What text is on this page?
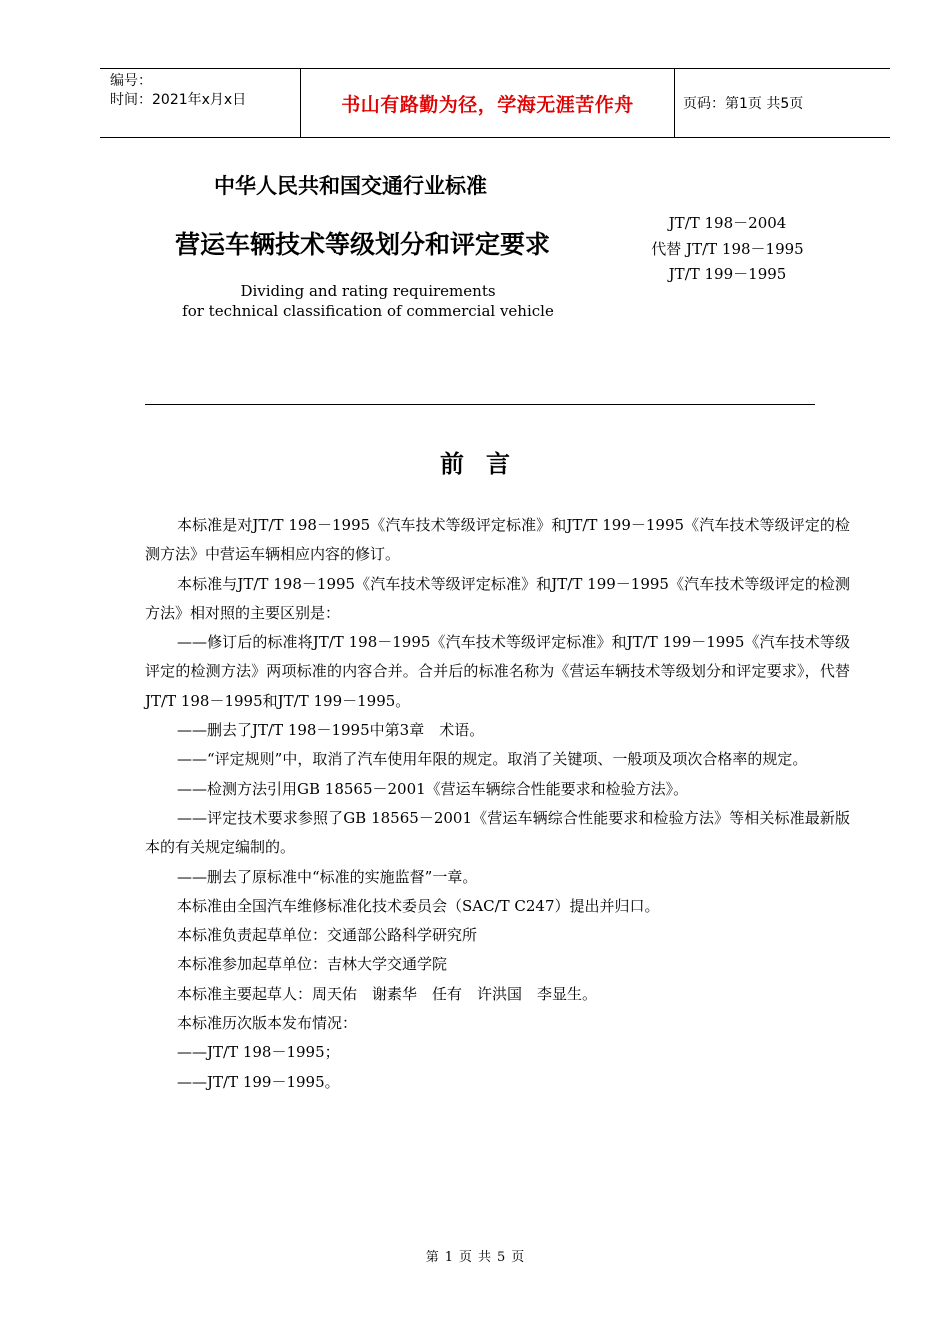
编号：
时间：2021年x月x日	书山有路勤为径，学海无涯苦作舟	页码：第1页 共5页
中华人民共和国交通行业标准
营运车辆技术等级划分和评定要求
JT/T 198－2004
代替 JT/T 198－1995
JT/T 199－1995
Dividing and rating requirements
for technical classification of commercial vehicle
前言

本标准是对JT/T 198－1995《汽车技术等级评定标准》和JT/T 199－1995《汽车技术等级评定的检测方法》中营运车辆相应内容的修订。

本标准与JT/T 198－1995《汽车技术等级评定标准》和JT/T 199－1995《汽车技术等级评定的检测方法》相对照的主要区别是：

——修订后的标准将JT/T 198－1995《汽车技术等级评定标准》和JT/T 199－1995《汽车技术等级评定的检测方法》两项标准的内容合并。合并后的标准名称为《营运车辆技术等级划分和评定要求》，代替JT/T 198－1995和JT/T 199－1995。

——删去了JT/T 198－1995中第3章　术语。

——“评定规则”中，取消了汽车使用年限的规定。取消了关键项、一般项及项次合格率的规定。

——检测方法引用GB 18565－2001《营运车辆综合性能要求和检验方法》。

——评定技术要求参照了GB 18565－2001《营运车辆综合性能要求和检验方法》等相关标准最新版本的有关规定编制的。

——删去了原标准中“标准的实施监督”一章。

本标准由全国汽车维修标准化技术委员会（SAC/T C247）提出并归口。

本标准负责起草单位：交通部公路科学研究所

本标准参加起草单位：吉林大学交通学院

本标准主要起草人：周天佑　谢素华　任有　许洪国　李显生。

本标准历次版本发布情况：

——JT/T 198－1995；

——JT/T 199－1995。

第 1 页 共 5 页
